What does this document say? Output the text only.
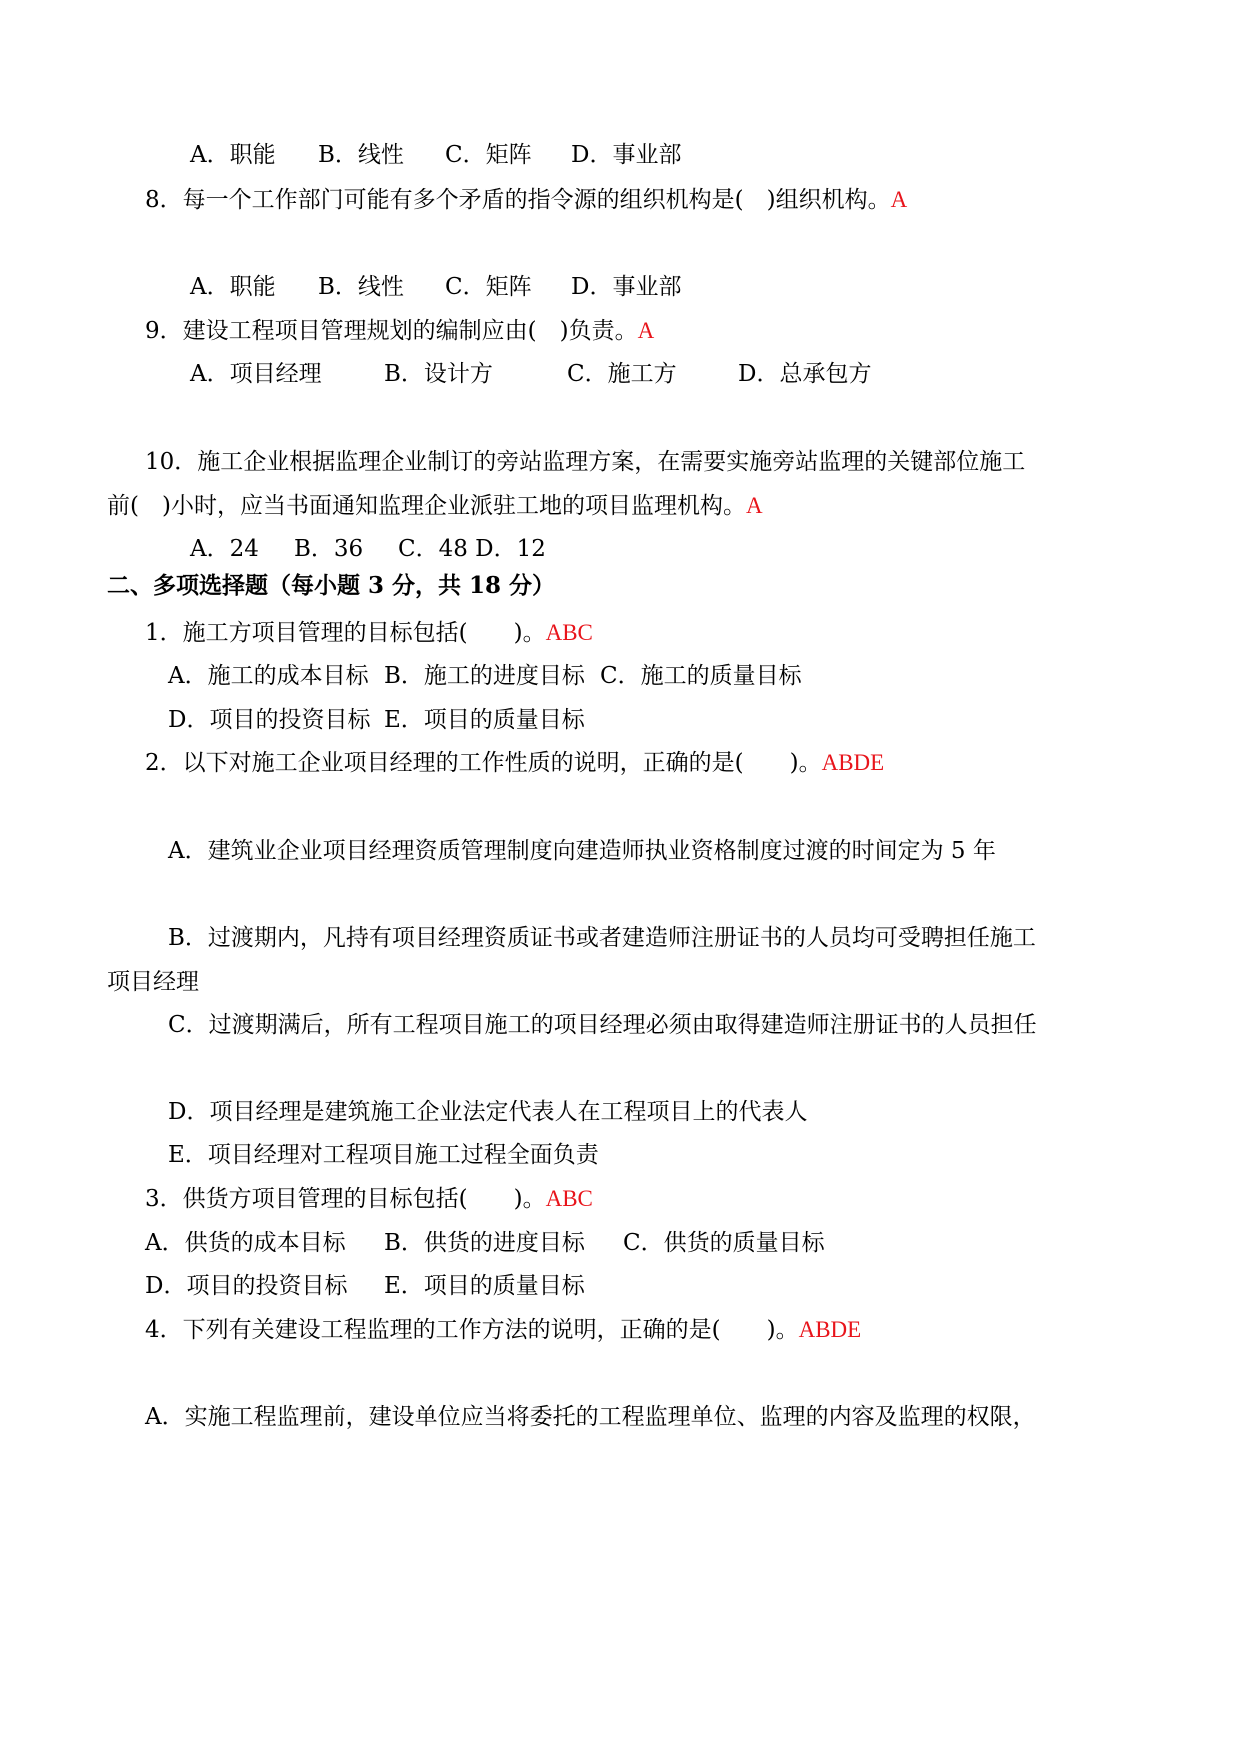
A．职能 B．线性 C．矩阵 D．事业部
8．每一个工作部门可能有多个矛盾的指令源的组织机构是(　)组织机构。A
A．职能 B．线性 C．矩阵 D．事业部
9．建设工程项目管理规划的编制应由(　)负责。A
A．项目经理	B．设计方	C．施工方	D．总承包方
10．施工企业根据监理企业制订的旁站监理方案，在需要实施旁站监理的关键部位施工
前(　)小时，应当书面通知监理企业派驻工地的项目监理机构。A
A．24 B．36 C．48 D．12
二、多项选择题（每小题 3 分，共 18 分）
1．施工方项目管理的目标包括(　　)。ABC
A．施工的成本目标 B．施工的进度目标 C．施工的质量目标
D．项目的投资目标 E．项目的质量目标
2．以下对施工企业项目经理的工作性质的说明，正确的是(　　)。ABDE
A．建筑业企业项目经理资质管理制度向建造师执业资格制度过渡的时间定为 5 年
B．过渡期内，凡持有项目经理资质证书或者建造师注册证书的人员均可受聘担任施工
项目经理
C．过渡期满后，所有工程项目施工的项目经理必须由取得建造师注册证书的人员担任
D．项目经理是建筑施工企业法定代表人在工程项目上的代表人
E．项目经理对工程项目施工过程全面负责
3．供货方项目管理的目标包括(　　)。ABC
A．供货的成本目标 B．供货的进度目标 C．供货的质量目标
D．项目的投资目标 E．项目的质量目标
4．下列有关建设工程监理的工作方法的说明，正确的是(　　)。ABDE
A．实施工程监理前，建设单位应当将委托的工程监理单位、监理的内容及监理的权限，
